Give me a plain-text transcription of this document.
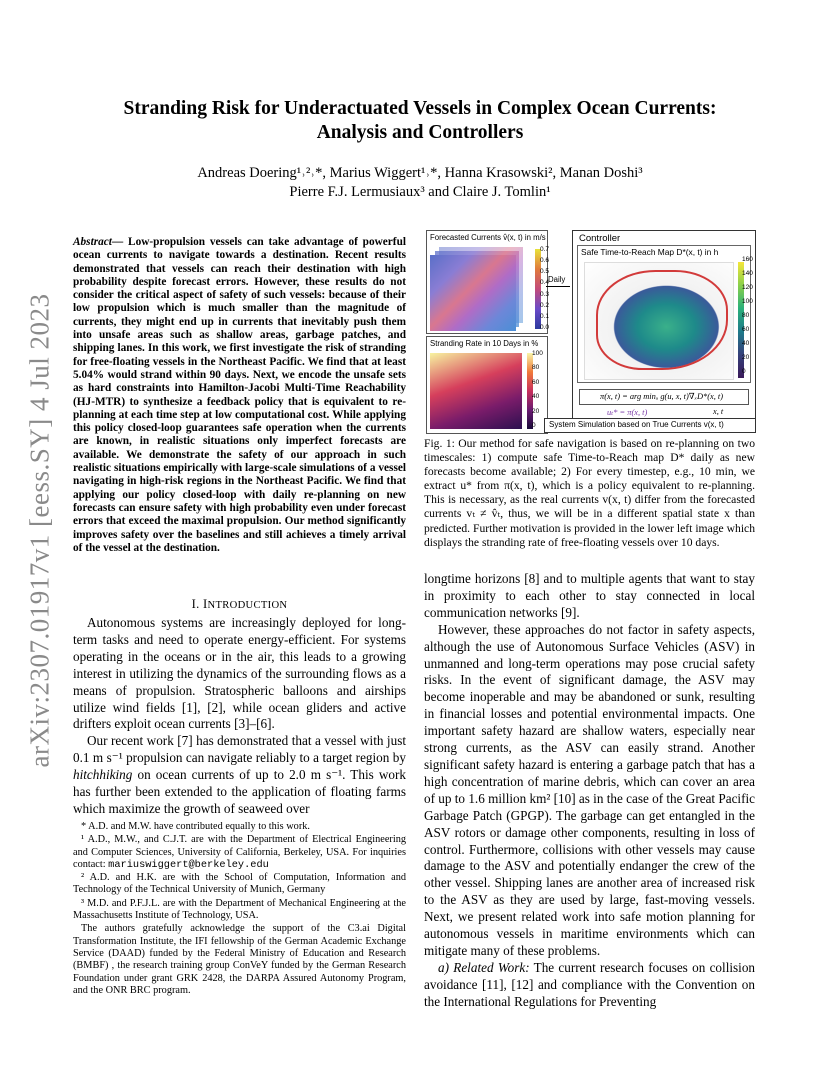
arXiv:2307.01917v1 [eess.SY] 4 Jul 2023
Stranding Risk for Underactuated Vessels in Complex Ocean Currents:
Analysis and Controllers
Andreas Doering¹˒²˒*, Marius Wiggert¹˒*, Hanna Krasowski², Manan Doshi³
Pierre F.J. Lermusiaux³ and Claire J. Tomlin¹
Abstract— Low-propulsion vessels can take advantage of powerful ocean currents to navigate towards a destination. Recent results demonstrated that vessels can reach their destination with high probability despite forecast errors. However, these results do not consider the critical aspect of safety of such vessels: because of their low propulsion which is much smaller than the magnitude of currents, they might end up in currents that inevitably push them into unsafe areas such as shallow areas, garbage patches, and shipping lanes. In this work, we first investigate the risk of stranding for free-floating vessels in the Northeast Pacific. We find that at least 5.04% would strand within 90 days. Next, we encode the unsafe sets as hard constraints into Hamilton-Jacobi Multi-Time Reachability (HJ-MTR) to synthesize a feedback policy that is equivalent to re-planning at each time step at low computational cost. While applying this policy closed-loop guarantees safe operation when the currents are known, in realistic situations only imperfect forecasts are available. We demonstrate the safety of our approach in such realistic situations empirically with large-scale simulations of a vessel navigating in high-risk regions in the Northeast Pacific. We find that applying our policy closed-loop with daily re-planning on new forecasts can ensure safety with high probability even under forecast errors that exceed the maximal propulsion. Our method significantly improves safety over the baselines and still achieves a timely arrival of the vessel at the destination.
I. INTRODUCTION

Autonomous systems are increasingly deployed for long-term tasks and need to operate energy-efficient. For systems operating in the oceans or in the air, this leads to a growing interest in utilizing the dynamics of the surrounding flows as a means of propulsion. Stratospheric balloons and airships utilize wind fields [1], [2], while ocean gliders and active drifters exploit ocean currents [3]–[6].

Our recent work [7] has demonstrated that a vessel with just 0.1 m s⁻¹ propulsion can navigate reliably to a target region by hitchhiking on ocean currents of up to 2.0 m s⁻¹. This work has further been extended to the application of floating farms which maximize the growth of seaweed over

* A.D. and M.W. have contributed equally to this work.

¹ A.D., M.W., and C.J.T. are with the Department of Electrical Engineering and Computer Sciences, University of California, Berkeley, USA. For inquiries contact: mariuswiggert@berkeley.edu

² A.D. and H.K. are with the School of Computation, Information and Technology of the Technical University of Munich, Germany

³ M.D. and P.F.J.L. are with the Department of Mechanical Engineering at the Massachusetts Institute of Technology, USA.

The authors gratefully acknowledge the support of the C3.ai Digital Transformation Institute, the IFI fellowship of the German Academic Exchange Service (DAAD) funded by the Federal Ministry of Education and Research (BMBF) , the research training group ConVeY funded by the German Research Foundation under grant GRK 2428, the DARPA Assured Autonomy Program, and the ONR BRC program.

Forecasted Currents v̂(x, t) in m/s
Daily
Stranding Rate in 10 Days in %
Controller
Safe Time-to-Reach Map D*(x, t) in h
π(x, t) = arg minᵤ g(u, x, t)∇ₓD*(x, t)
uₜ* = π(x, t)	x, t
System Simulation based on True Currents v(x, t)
0.7
0.6
0.5
0.4
0.3
0.2
0.1
0.0
100
80
60
40
20
0
160
140
120
100
80
60
40
20
0
Fig. 1: Our method for safe navigation is based on re-planning on two timescales: 1) compute safe Time-to-Reach map D* daily as new forecasts become available; 2) For every timestep, e.g., 10 min, we extract u* from π(x, t), which is a policy equivalent to re-planning. This is necessary, as the real currents v(x, t) differ from the forecasted currents vₜ ≠ v̂ₜ, thus, we will be in a different spatial state x than predicted. Further motivation is provided in the lower left image which displays the stranding rate of free-floating vessels over 10 days.

longtime horizons [8] and to multiple agents that want to stay in proximity to each other to stay connected in local communication networks [9].

However, these approaches do not factor in safety aspects, although the use of Autonomous Surface Vehicles (ASV) in unmanned and long-term operations may pose crucial safety risks. In the event of significant damage, the ASV may become inoperable and may be abandoned or sunk, resulting in financial losses and potential environmental impacts. One important safety hazard are shallow waters, especially near strong currents, as the ASV can easily strand. Another significant safety hazard is entering a garbage patch that has a high concentration of marine debris, which can cover an area of up to 1.6 million km² [10] as in the case of the Great Pacific Garbage Patch (GPGP). The garbage can get entangled in the ASV rotors or damage other components, resulting in loss of control. Furthermore, collisions with other vessels may cause damage to the ASV and potentially endanger the crew of the other vessel. Shipping lanes are another area of increased risk to the ASV as they are used by large, fast-moving vessels. Next, we present related work into safe motion planning for autonomous vessels in maritime environments which can mitigate many of these problems.

a) Related Work: The current research focuses on collision avoidance [11], [12] and compliance with the Convention on the International Regulations for Preventing
